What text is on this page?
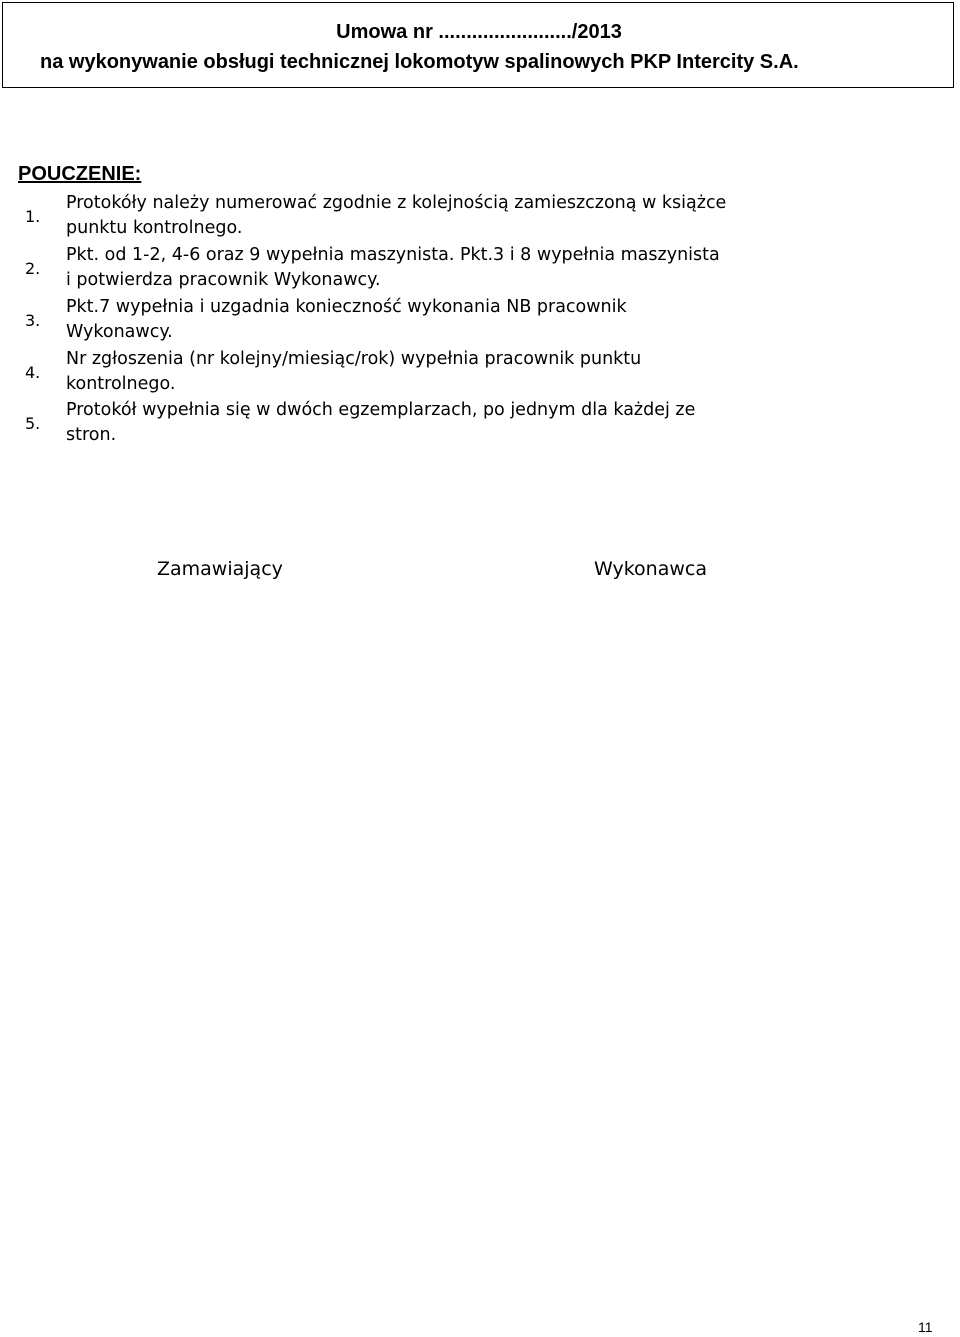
Umowa nr ......................../2013
na wykonywanie obsługi technicznej lokomotyw spalinowych PKP Intercity S.A.
POUCZENIE:
1.
Protokóły należy numerować zgodnie z kolejnością zamieszczoną w książce
punktu kontrolnego.
2.
Pkt. od 1-2, 4-6 oraz 9 wypełnia maszynista. Pkt.3 i 8 wypełnia maszynista
i potwierdza pracownik Wykonawcy.
3.
Pkt.7 wypełnia i uzgadnia konieczność wykonania NB pracownik
Wykonawcy.
4.
Nr zgłoszenia (nr kolejny/miesiąc/rok) wypełnia pracownik punktu
kontrolnego.
5.
Protokół wypełnia się w dwóch egzemplarzach, po jednym dla każdej ze
stron.
Zamawiający	Wykonawca
11
